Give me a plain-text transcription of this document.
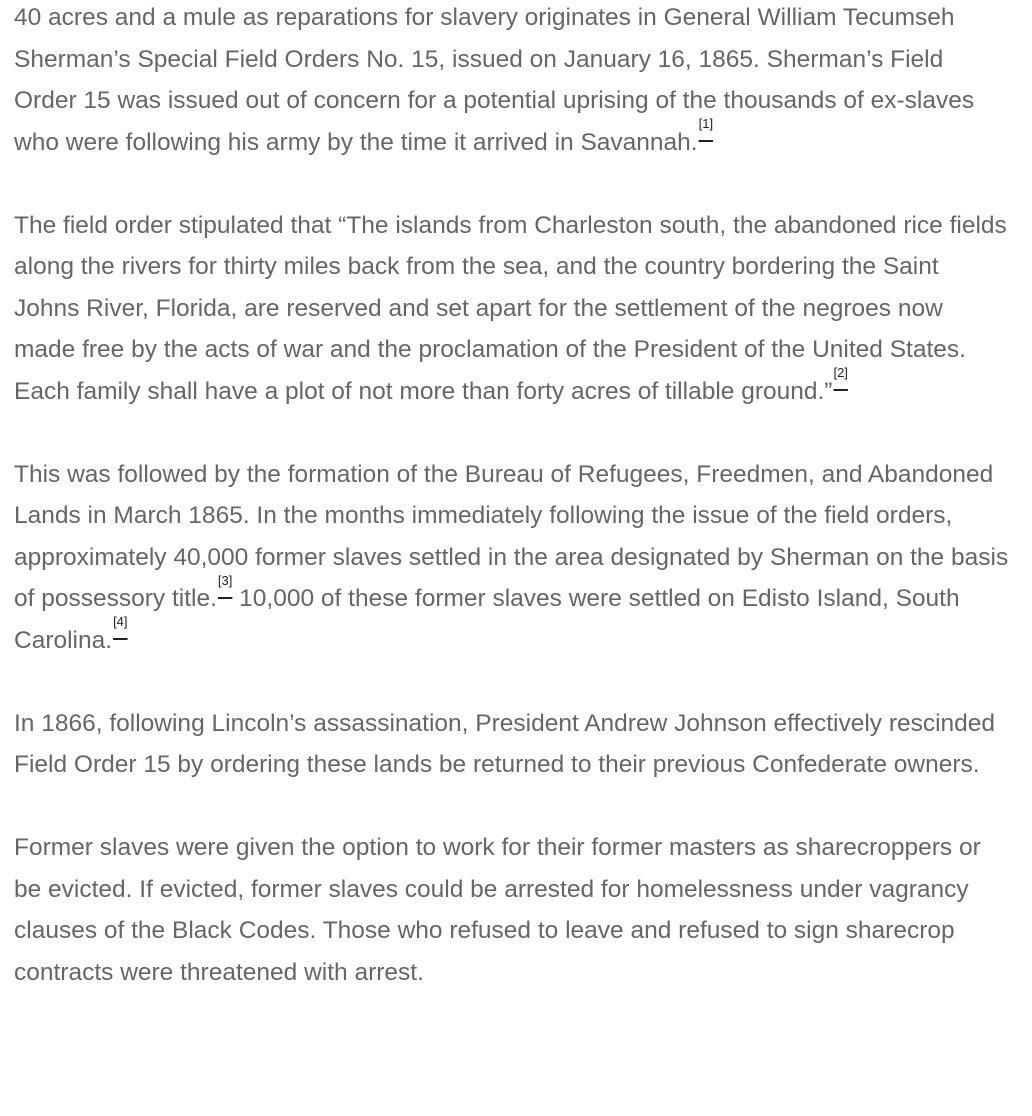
40 acres and a mule as reparations for slavery originates in General William Tecumseh Sherman’s Special Field Orders No. 15, issued on January 16, 1865. Sherman’s Field Order 15 was issued out of concern for a potential uprising of the thousands of ex-slaves who were following his army by the time it arrived in Savannah.[1]

The field order stipulated that “The islands from Charleston south, the abandoned rice fields along the rivers for thirty miles back from the sea, and the country bordering the Saint Johns River, Florida, are reserved and set apart for the settlement of the negroes now made free by the acts of war and the proclamation of the President of the United States. Each family shall have a plot of not more than forty acres of tillable ground.”[2]

This was followed by the formation of the Bureau of Refugees, Freedmen, and Abandoned Lands in March 1865. In the months immediately following the issue of the field orders, approximately 40,000 former slaves settled in the area designated by Sherman on the basis of possessory title.[3] 10,000 of these former slaves were settled on Edisto Island, South Carolina.[4]

In 1866, following Lincoln’s assassination, President Andrew Johnson effectively rescinded Field Order 15 by ordering these lands be returned to their previous Confederate owners.

Former slaves were given the option to work for their former masters as sharecroppers or be evicted. If evicted, former slaves could be arrested for homelessness under vagrancy clauses of the Black Codes. Those who refused to leave and refused to sign sharecrop contracts were threatened with arrest.
